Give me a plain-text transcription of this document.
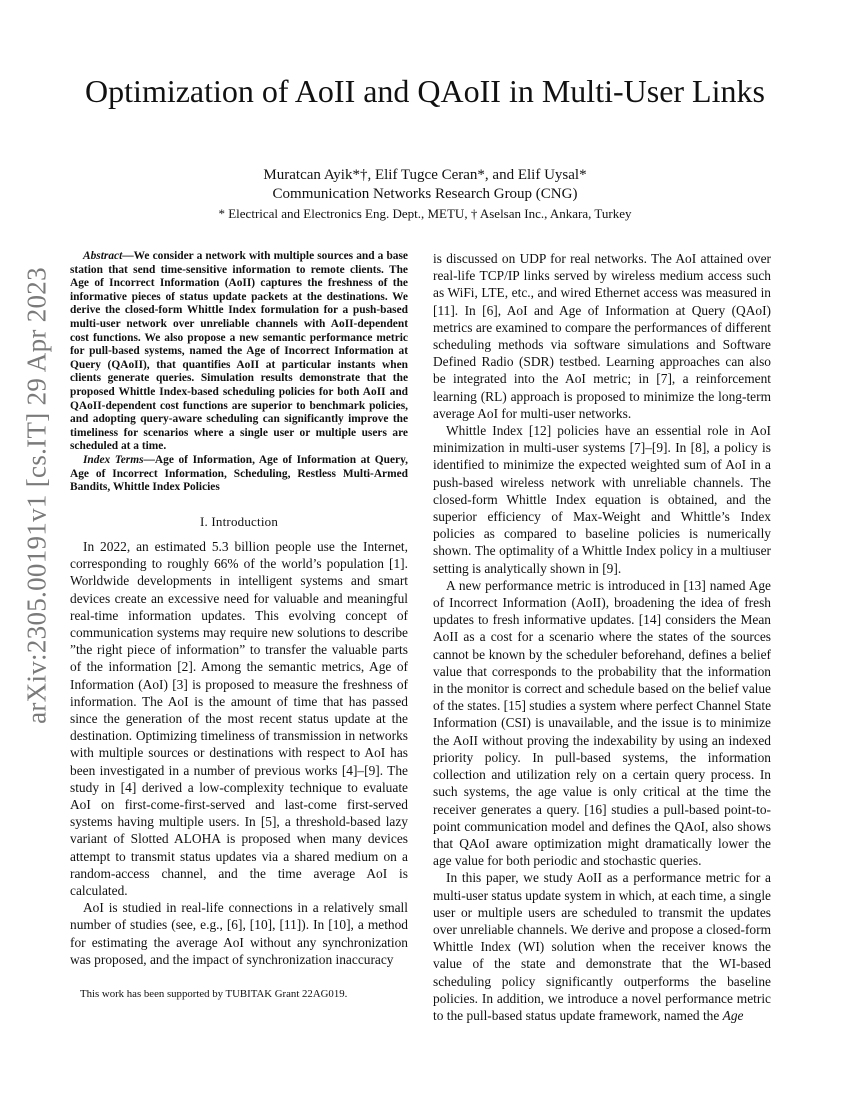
arXiv:2305.00191v1 [cs.IT] 29 Apr 2023
Optimization of AoII and QAoII in Multi-User Links
Muratcan Ayik*†, Elif Tugce Ceran*, and Elif Uysal*
Communication Networks Research Group (CNG)
* Electrical and Electronics Eng. Dept., METU, † Aselsan Inc., Ankara, Turkey

Abstract—We consider a network with multiple sources and a base station that send time-sensitive information to remote clients. The Age of Incorrect Information (AoII) captures the freshness of the informative pieces of status update packets at the destinations. We derive the closed-form Whittle Index formulation for a push-based multi-user network over unreliable channels with AoII-dependent cost functions. We also propose a new semantic performance metric for pull-based systems, named the Age of Incorrect Information at Query (QAoII), that quantifies AoII at particular instants when clients generate queries. Simulation results demonstrate that the proposed Whittle Index-based scheduling policies for both AoII and QAoII-dependent cost functions are superior to benchmark policies, and adopting query-aware scheduling can significantly improve the timeliness for scenarios where a single user or multiple users are scheduled at a time.

Index Terms—Age of Information, Age of Information at Query, Age of Incorrect Information, Scheduling, Restless Multi-Armed Bandits, Whittle Index Policies

I. Introduction

In 2022, an estimated 5.3 billion people use the Internet, corresponding to roughly 66% of the world’s population [1]. Worldwide developments in intelligent systems and smart devices create an excessive need for valuable and meaningful real-time information updates. This evolving concept of communication systems may require new solutions to describe ”the right piece of information” to transfer the valuable parts of the information [2]. Among the semantic metrics, Age of Information (AoI) [3] is proposed to measure the freshness of information. The AoI is the amount of time that has passed since the generation of the most recent status update at the destination. Optimizing timeliness of transmission in networks with multiple sources or destinations with respect to AoI has been investigated in a number of previous works [4]–[9]. The study in [4] derived a low-complexity technique to evaluate AoI on first-come-first-served and last-come first-served systems having multiple users. In [5], a threshold-based lazy variant of Slotted ALOHA is proposed when many devices attempt to transmit status updates via a shared medium on a random-access channel, and the time average AoI is calculated.

AoI is studied in real-life connections in a relatively small number of studies (see, e.g., [6], [10], [11]). In [10], a method for estimating the average AoI without any synchronization was proposed, and the impact of synchronization inaccuracy

This work has been supported by TUBITAK Grant 22AG019.

is discussed on UDP for real networks. The AoI attained over real-life TCP/IP links served by wireless medium access such as WiFi, LTE, etc., and wired Ethernet access was measured in [11]. In [6], AoI and Age of Information at Query (QAoI) metrics are examined to compare the performances of different scheduling methods via software simulations and Software Defined Radio (SDR) testbed. Learning approaches can also be integrated into the AoI metric; in [7], a reinforcement learning (RL) approach is proposed to minimize the long-term average AoI for multi-user networks.

Whittle Index [12] policies have an essential role in AoI minimization in multi-user systems [7]–[9]. In [8], a policy is identified to minimize the expected weighted sum of AoI in a push-based wireless network with unreliable channels. The closed-form Whittle Index equation is obtained, and the superior efficiency of Max-Weight and Whittle’s Index policies as compared to baseline policies is numerically shown. The optimality of a Whittle Index policy in a multiuser setting is analytically shown in [9].

A new performance metric is introduced in [13] named Age of Incorrect Information (AoII), broadening the idea of fresh updates to fresh informative updates. [14] considers the Mean AoII as a cost for a scenario where the states of the sources cannot be known by the scheduler beforehand, defines a belief value that corresponds to the probability that the information in the monitor is correct and schedule based on the belief value of the states. [15] studies a system where perfect Channel State Information (CSI) is unavailable, and the issue is to minimize the AoII without proving the indexability by using an indexed priority policy. In pull-based systems, the information collection and utilization rely on a certain query process. In such systems, the age value is only critical at the time the receiver generates a query. [16] studies a pull-based point-to-point communication model and defines the QAoI, also shows that QAoI aware optimization might dramatically lower the age value for both periodic and stochastic queries.

In this paper, we study AoII as a performance metric for a multi-user status update system in which, at each time, a single user or multiple users are scheduled to transmit the updates over unreliable channels. We derive and propose a closed-form Whittle Index (WI) solution when the receiver knows the value of the state and demonstrate that the WI-based scheduling policy significantly outperforms the baseline policies. In addition, we introduce a novel performance metric to the pull-based status update framework, named the Age
